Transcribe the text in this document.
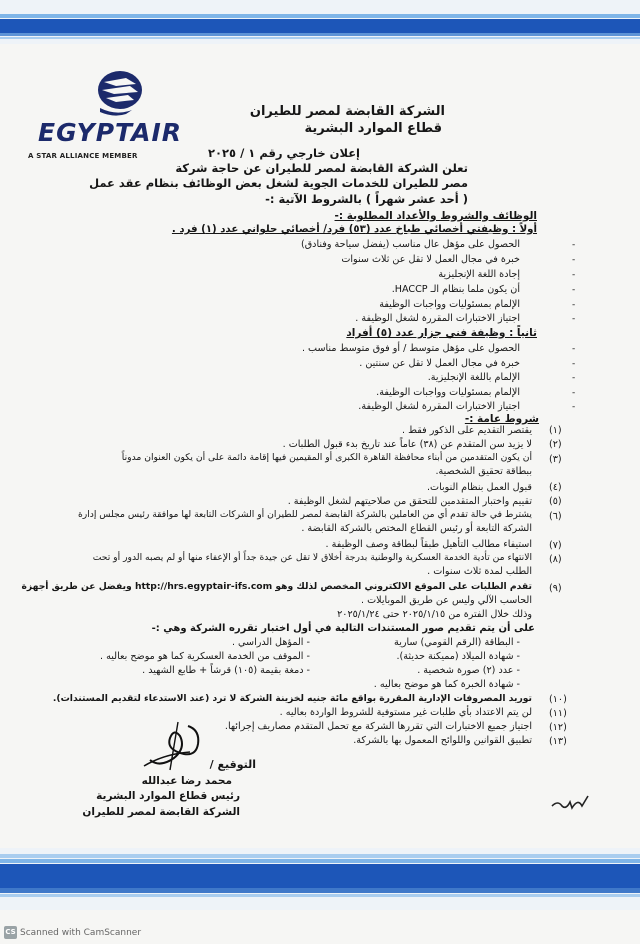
EGYPTAIR
A STAR ALLIANCE MEMBER
الشركة القابضة لمصر للطيران
قطاع الموارد البشرية
إعلان خارجي رقم ١ / ٢٠٢٥
تعلن الشركة القابضة لمصر للطيران عن حاجة شركة
مصر للطيران للخدمات الجوية لشغل بعض الوظائف بنظام عقد عمل
( أحد عشر شهراً ) بالشروط الآتية :-
الوظائف والشروط والأعداد المطلوبة :-
أولاً : وظيفتي أخصائي طباخ عدد (٥٣) فرد/ أخصائي حلواني عدد (١) فرد .
الحصول على مؤهل عال مناسب (يفضل سياحة وفنادق)
خبرة في مجال العمل لا تقل عن ثلاث سنوات
إجادة اللغة الإنجليزية
أن يكون ملما بنظام الـ HACCP.
الإلمام بمسئوليات وواجبات الوظيفة
اجتياز الاختبارات المقررة لشغل الوظيفة .
ثانياً : وظيفة فني جزار عدد (٥) أفراد
الحصول على مؤهل متوسط / أو فوق متوسط مناسب .
خبرة في مجال العمل لا تقل عن سنتين .
الإلمام باللغة الإنجليزية.
الإلمام بمسئوليات وواجبات الوظيفة.
اجتياز الاختبارات المقررة لشغل الوظيفة.
-
-
-
-
-
-
-
-
-
-
-
شروط عامة :-
(١)
يقتصر التقديم على الذكور فقط .
(٢)
لا يزيد سن المتقدم عن (٣٨) عاماً عند تاريخ بدء قبول الطلبات .
(٣)
أن يكون المتقدمين من أبناء محافظة القاهرة الكبرى أو المقيمين فيها إقامة دائمة على أن يكون العنوان مدوناً
ببطاقة تحقيق الشخصية.
(٤)
قبول العمل بنظام النوبات.
(٥)
تقييم واختبار المتقدمين للتحقق من صلاحيتهم لشغل الوظيفة .
(٦)
يشترط في حالة تقدم أي من العاملين بالشركة القابضة لمصر للطيران أو الشركات التابعة لها موافقة رئيس مجلس إدارة
الشركة التابعة أو رئيس القطاع المختص بالشركة القابضة .
(٧)
استيفاء مطالب التأهيل طبقاً لبطاقة وصف الوظيفة .
(٨)
الانتهاء من تأدية الخدمة العسكرية والوطنية بدرجة أخلاق لا تقل عن جيدة جداً أو الإعفاء منها أو لم يصبه الدور أو تحت
الطلب لمدة ثلاث سنوات .
(٩)
تقدم الطلبات على الموقع الالكتروني المخصص لذلك وهو http://hrs.egyptair-ifs.com ويفضل عن طريق أجهزة
الحاسب الآلي وليس عن طريق الموبايلات .
وذلك خلال الفترة من ٢٠٢٥/١/١٥ حتى ٢٠٢٥/١/٢٤
على أن يتم تقديم صور المستندات التالية في أول اختبار تقرره الشركة وهي :-
- البطاقة (الرقم القومي) سارية
- المؤهل الدراسي .
- شهادة الميلاد (مميكنة حديثة).
- الموقف من الخدمة العسكرية كما هو موضح بعاليه .
- عدد (٢) صورة شخصية .
- دمغة بقيمة (١٠٥) قرشاً + طابع الشهيد .
- شهادة الخبرة كما هو موضح بعاليه .
(١٠)
توريد المصروفات الإدارية المقررة بواقع مائة جنيه لخزينة الشركة لا ترد (عند الاستدعاء لتقديم المستندات).
(١١)
لن يتم الاعتداد بأي طلبات غير مستوفية للشروط الواردة بعاليه .
(١٢)
اجتياز جميع الاختبارات التي تقررها الشركة مع تحمل المتقدم مصاريف إجرائها.
(١٣)
تطبيق القوانين واللوائح المعمول بها بالشركة.
التوقيع /
محمد رضا عبدالله
رئيس قطاع الموارد البشرية
الشركة القابضة لمصر للطيران
CS Scanned with CamScanner
